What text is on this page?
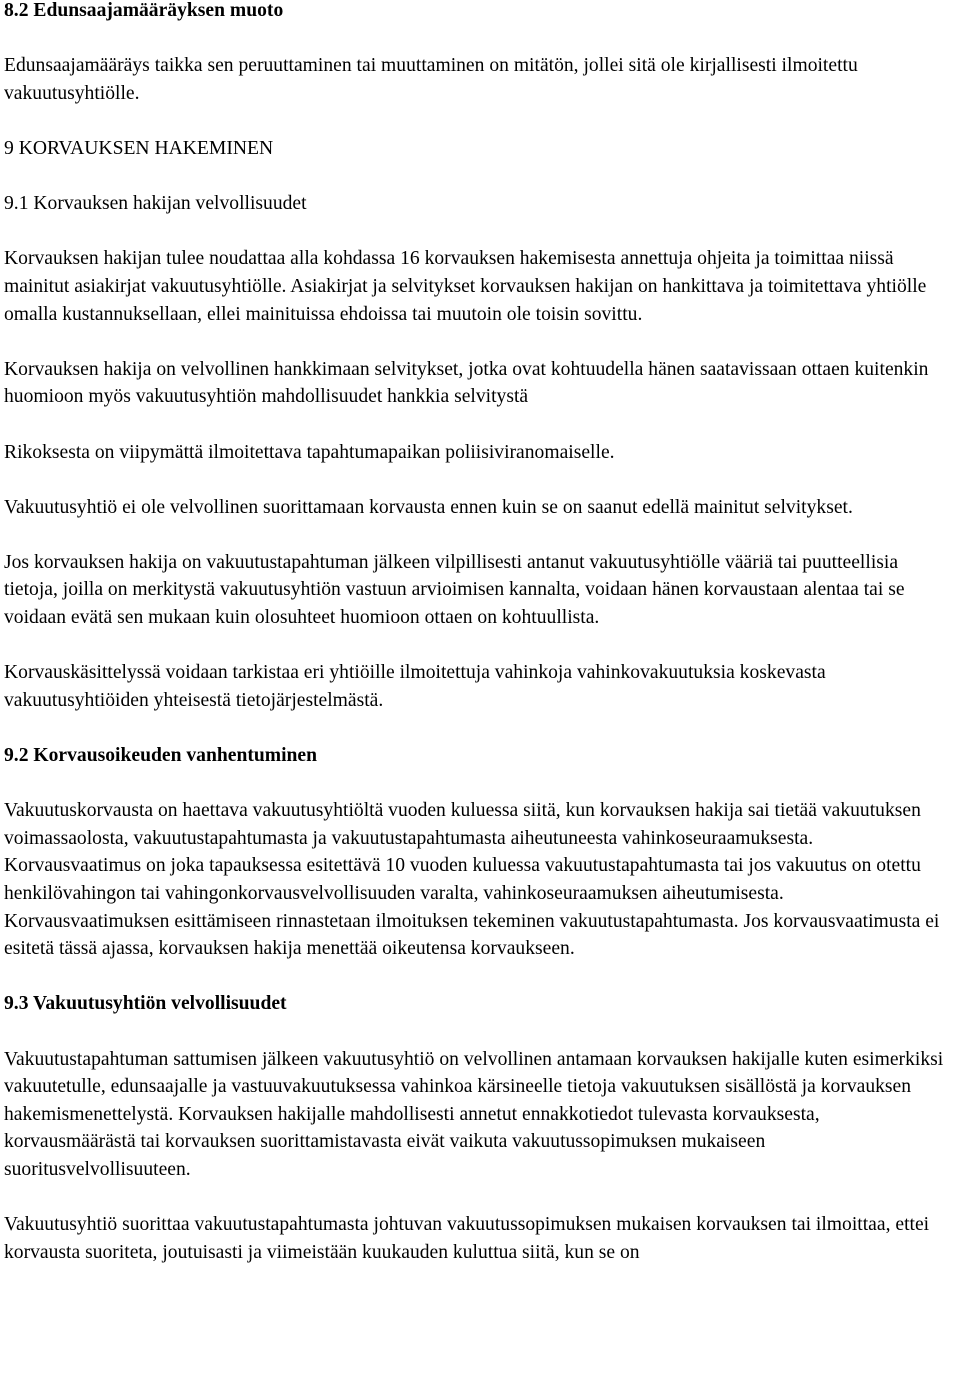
8.2 Edunsaajamääräyksen muoto

Edunsaajamääräys taikka sen peruuttaminen tai muuttaminen on mitätön, jollei sitä ole kirjallisesti ilmoitettu vakuutusyhtiölle.

9 KORVAUKSEN HAKEMINEN

9.1 Korvauksen hakijan velvollisuudet

Korvauksen hakijan tulee noudattaa alla kohdassa 16 korvauksen hakemisesta annettuja ohjeita ja toimittaa niissä mainitut asiakirjat vakuutusyhtiölle. Asiakirjat ja selvitykset korvauksen hakijan on hankittava ja toimitettava yhtiölle omalla kustannuksellaan, ellei mainituissa ehdoissa tai muutoin ole toisin sovittu.

Korvauksen hakija on velvollinen hankkimaan selvitykset, jotka ovat kohtuudella hänen saatavissaan ottaen kuitenkin huomioon myös vakuutusyhtiön mahdollisuudet hankkia selvitystä

Rikoksesta on viipymättä ilmoitettava tapahtumapaikan poliisiviranomaiselle.

Vakuutusyhtiö ei ole velvollinen suorittamaan korvausta ennen kuin se on saanut edellä mainitut selvitykset.

Jos korvauksen hakija on vakuutustapahtuman jälkeen vilpillisesti antanut vakuutusyhtiölle vääriä tai puutteellisia tietoja, joilla on merkitystä vakuutusyhtiön vastuun arvioimisen kannalta, voidaan hänen korvaustaan alentaa tai se voidaan evätä sen mukaan kuin olosuhteet huomioon ottaen on kohtuullista.

Korvauskäsittelyssä voidaan tarkistaa eri yhtiöille ilmoitettuja vahinkoja vahinkovakuutuksia koskevasta vakuutusyhtiöiden yhteisestä tietojärjestelmästä.

9.2 Korvausoikeuden vanhentuminen

Vakuutuskorvausta on haettava vakuutusyhtiöltä vuoden kuluessa siitä, kun korvauksen hakija sai tietää vakuutuksen voimassaolosta, vakuutustapahtumasta ja vakuutustapahtumasta aiheutuneesta vahinkoseuraamuksesta. Korvausvaatimus on joka tapauksessa esitettävä 10 vuoden kuluessa vakuutustapahtumasta tai jos vakuutus on otettu henkilövahingon tai vahingonkorvausvelvollisuuden varalta, vahinkoseuraamuksen aiheutumisesta.

Korvausvaatimuksen esittämiseen rinnastetaan ilmoituksen tekeminen vakuutustapahtumasta. Jos korvausvaatimusta ei esitetä tässä ajassa, korvauksen hakija menettää oikeutensa korvaukseen.

9.3 Vakuutusyhtiön velvollisuudet

Vakuutustapahtuman sattumisen jälkeen vakuutusyhtiö on velvollinen antamaan korvauksen hakijalle kuten esimerkiksi vakuutetulle, edunsaajalle ja vastuuvakuutuksessa vahinkoa kärsineelle tietoja vakuutuksen sisällöstä ja korvauksen hakemismenettelystä. Korvauksen hakijalle mahdollisesti annetut ennakkotiedot tulevasta korvauksesta, korvausmäärästä tai korvauksen suorittamistavasta eivät vaikuta vakuutussopimuksen mukaiseen suoritusvelvollisuuteen.

Vakuutusyhtiö suorittaa vakuutustapahtumasta johtuvan vakuutussopimuksen mukaisen korvauksen tai ilmoittaa, ettei korvausta suoriteta, joutuisasti ja viimeistään kuukauden kuluttua siitä, kun se on
